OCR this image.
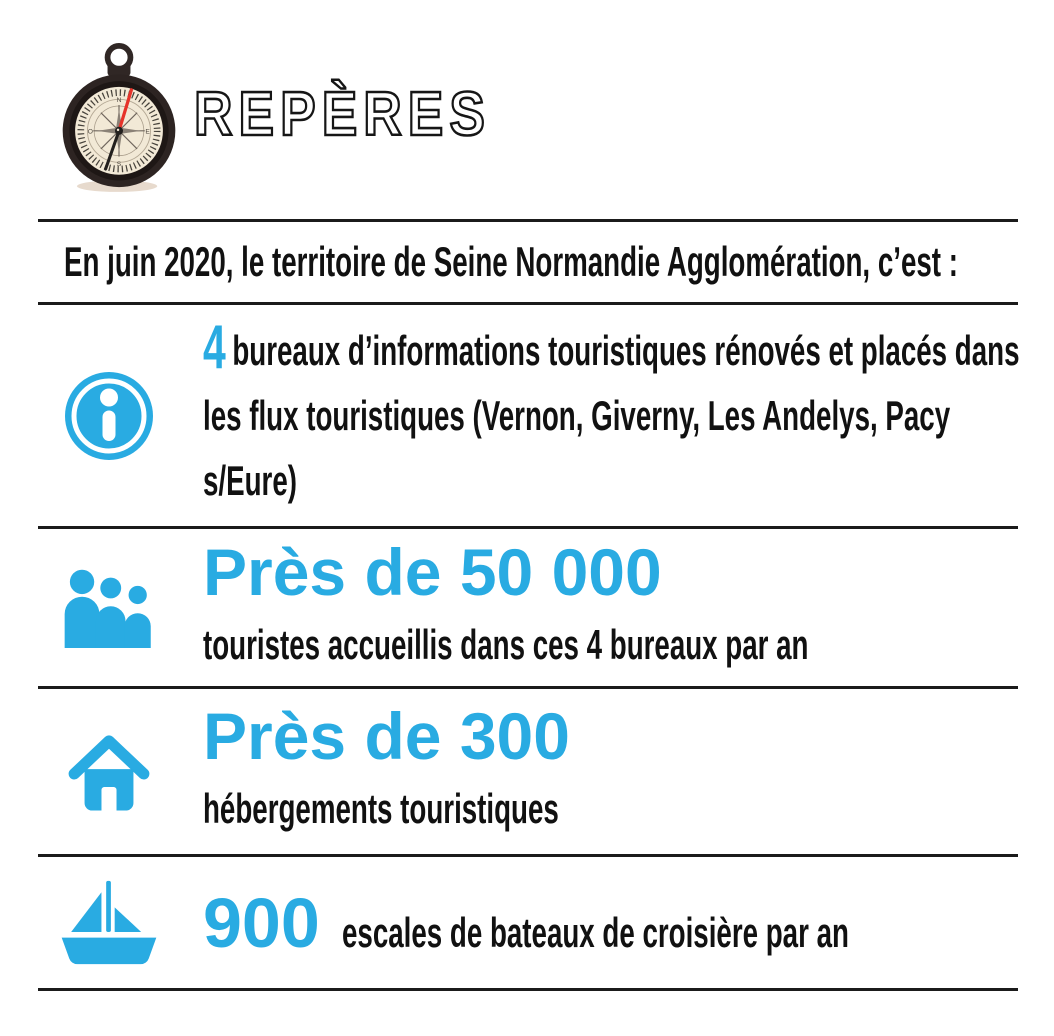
N
S
E
O REPÈRES

En juin 2020, le territoire de Seine Normandie Agglomération, c’est :

4 bureaux d’informations touristiques rénovés et placés dans les flux touristiques (Vernon, Giverny, Les Andelys, Pacy s/Eure)

Près de 50 000

touristes accueillis dans ces 4 bureaux par an

Près de 300

hébergements touristiques

900 escales de bateaux de croisière par an
